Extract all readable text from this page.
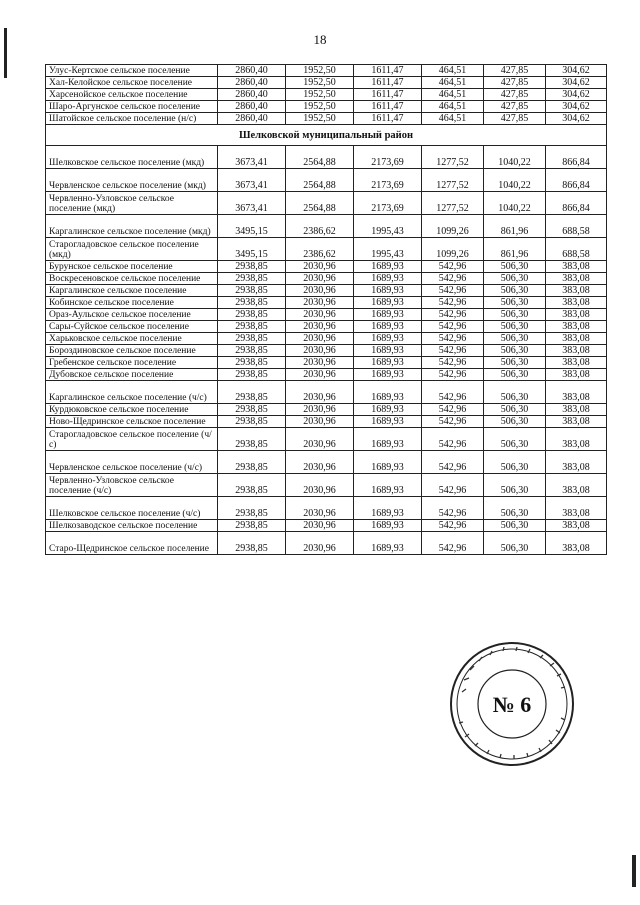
18
Улус-Кертское сельское поселение	2860,40	1952,50	1611,47	464,51	427,85	304,62
Хал-Келойское сельское поселение	2860,40	1952,50	1611,47	464,51	427,85	304,62
Харсенойское сельское поселение	2860,40	1952,50	1611,47	464,51	427,85	304,62
Шаро-Аргунское сельское поселение	2860,40	1952,50	1611,47	464,51	427,85	304,62
Шатойское сельское поселение (н/с)	2860,40	1952,50	1611,47	464,51	427,85	304,62
Шелковской муниципальный район						
Шелковское сельское поселение (мкд)	3673,41	2564,88	2173,69	1277,52	1040,22	866,84
Червленское сельское поселение (мкд)	3673,41	2564,88	2173,69	1277,52	1040,22	866,84
Червленно-Узловское сельское поселение (мкд)	3673,41	2564,88	2173,69	1277,52	1040,22	866,84
Каргалинское сельское поселение (мкд)	3495,15	2386,62	1995,43	1099,26	861,96	688,58
Старогладовское сельское поселение (мкд)	3495,15	2386,62	1995,43	1099,26	861,96	688,58
Бурунское сельское поселение	2938,85	2030,96	1689,93	542,96	506,30	383,08
Воскресеновское сельское поселение	2938,85	2030,96	1689,93	542,96	506,30	383,08
Каргалинское сельское поселение	2938,85	2030,96	1689,93	542,96	506,30	383,08
Кобинское сельское поселение	2938,85	2030,96	1689,93	542,96	506,30	383,08
Ораз-Аульское сельское поселение	2938,85	2030,96	1689,93	542,96	506,30	383,08
Сары-Суйское сельское поселение	2938,85	2030,96	1689,93	542,96	506,30	383,08
Харьковское сельское поселение	2938,85	2030,96	1689,93	542,96	506,30	383,08
Бороздиновское сельское поселение	2938,85	2030,96	1689,93	542,96	506,30	383,08
Гребенское сельское поселение	2938,85	2030,96	1689,93	542,96	506,30	383,08
Дубовское сельское поселение	2938,85	2030,96	1689,93	542,96	506,30	383,08
Каргалинское сельское поселение (ч/с)	2938,85	2030,96	1689,93	542,96	506,30	383,08
Курдюковское сельское поселение	2938,85	2030,96	1689,93	542,96	506,30	383,08
Ново-Щедринское сельское поселение	2938,85	2030,96	1689,93	542,96	506,30	383,08
Старогладовское сельское поселение (ч/с)	2938,85	2030,96	1689,93	542,96	506,30	383,08
Червленское сельское поселение (ч/с)	2938,85	2030,96	1689,93	542,96	506,30	383,08
Червленно-Узловское сельское поселение (ч/с)	2938,85	2030,96	1689,93	542,96	506,30	383,08
Шелковское сельское поселение (ч/с)	2938,85	2030,96	1689,93	542,96	506,30	383,08
Шелкозаводское сельское поселение	2938,85	2030,96	1689,93	542,96	506,30	383,08
Старо-Щедринское сельское поселение	2938,85	2030,96	1689,93	542,96	506,30	383,08
№ 6
